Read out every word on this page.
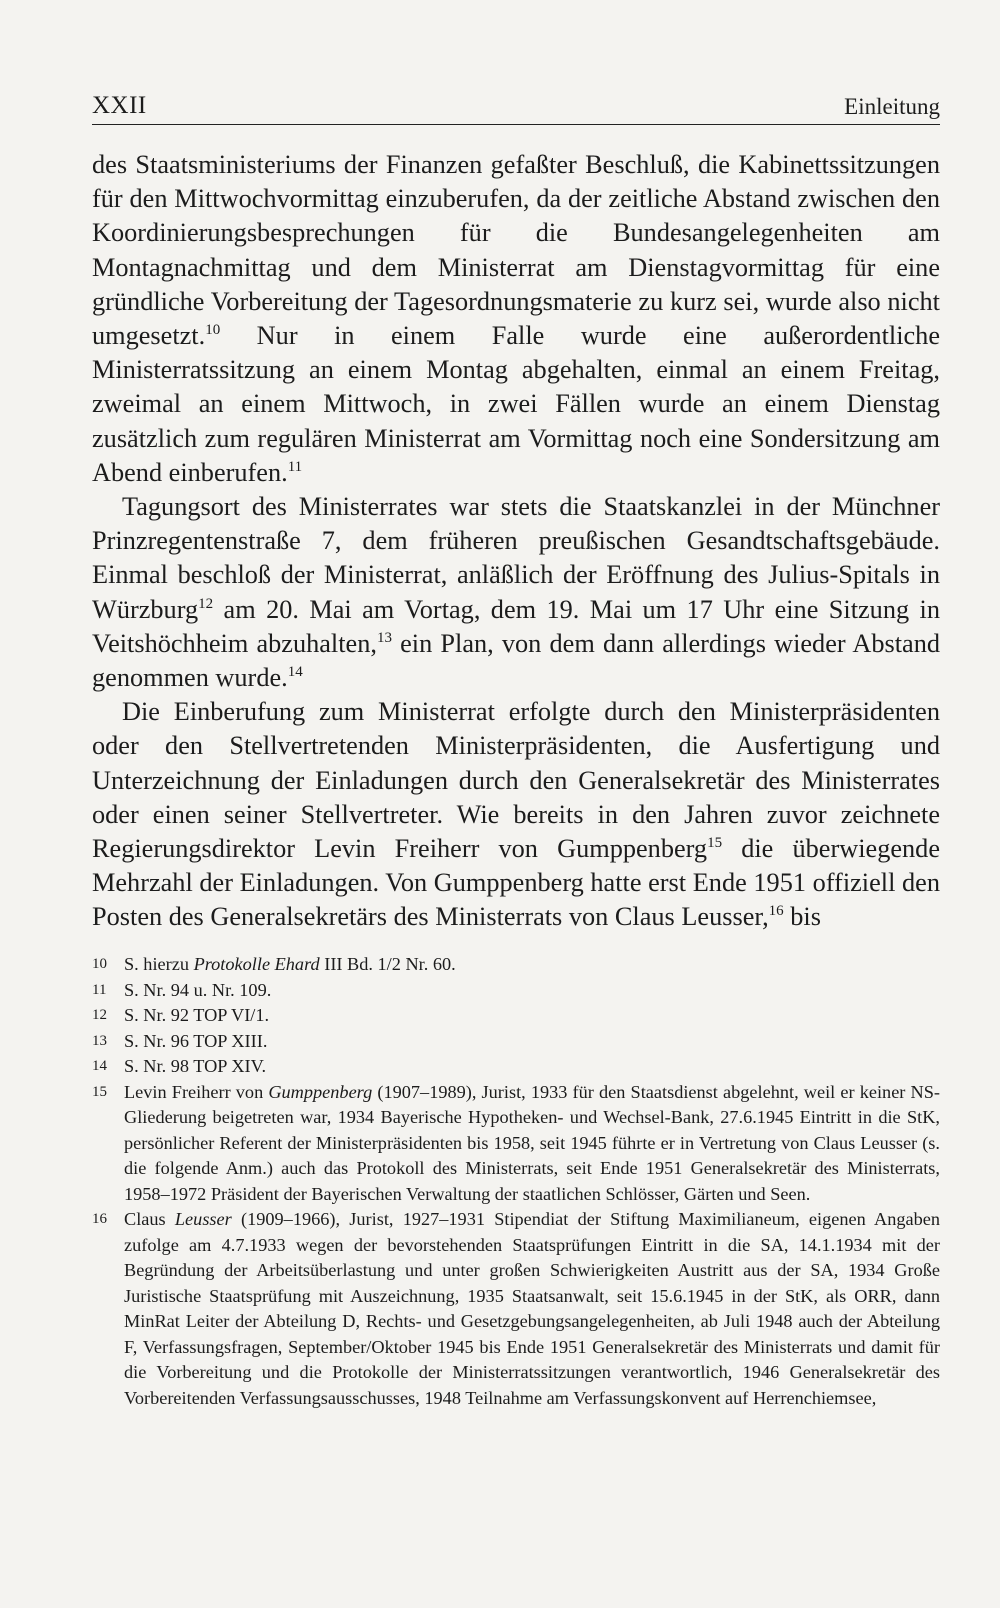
XXII	Einleitung

des Staatsministeriums der Finanzen gefaßter Beschluß, die Kabinettssitzungen für den Mittwochvormittag einzuberufen, da der zeitliche Abstand zwischen den Koordinierungsbesprechungen für die Bundesangelegenheiten am Montagnachmittag und dem Ministerrat am Dienstagvormittag für eine gründliche Vorbereitung der Tagesordnungsmaterie zu kurz sei, wurde also nicht umgesetzt.$^{10}$ Nur in einem Falle wurde eine außerordentliche Ministerratssitzung an einem Montag abgehalten, einmal an einem Freitag, zweimal an einem Mittwoch, in zwei Fällen wurde an einem Dienstag zusätzlich zum regulären Ministerrat am Vormittag noch eine Sondersitzung am Abend einberufen.$^{11}$

Tagungsort des Ministerrates war stets die Staatskanzlei in der Münchner Prinzregentenstraße 7, dem früheren preußischen Gesandtschaftsgebäude. Einmal beschloß der Ministerrat, anläßlich der Eröffnung des Julius-Spitals in Würzburg$^{12}$ am 20. Mai am Vortag, dem 19. Mai um 17 Uhr eine Sitzung in Veitshöchheim abzuhalten,$^{13}$ ein Plan, von dem dann allerdings wieder Abstand genommen wurde.$^{14}$

Die Einberufung zum Ministerrat erfolgte durch den Ministerpräsidenten oder den Stellvertretenden Ministerpräsidenten, die Ausfertigung und Unterzeichnung der Einladungen durch den Generalsekretär des Ministerrates oder einen seiner Stellvertreter. Wie bereits in den Jahren zuvor zeichnete Regierungsdirektor Levin Freiherr von Gumppenberg$^{15}$ die überwiegende Mehrzahl der Einladungen. Von Gumppenberg hatte erst Ende 1951 offiziell den Posten des Generalsekretärs des Ministerrats von Claus Leusser,$^{16}$ bis

10 S. hierzu Protokolle Ehard III Bd. 1/2 Nr. 60.
11 S. Nr. 94 u. Nr. 109.
12 S. Nr. 92 TOP VI/1.
13 S. Nr. 96 TOP XIII.
14 S. Nr. 98 TOP XIV.
15 Levin Freiherr von Gumppenberg (1907–1989), Jurist, 1933 für den Staatsdienst abgelehnt, weil er keiner NS-Gliederung beigetreten war, 1934 Bayerische Hypotheken- und Wechsel-Bank, 27.6.1945 Eintritt in die StK, persönlicher Referent der Ministerpräsidenten bis 1958, seit 1945 führte er in Vertretung von Claus Leusser (s. die folgende Anm.) auch das Protokoll des Ministerrats, seit Ende 1951 Generalsekretär des Ministerrats, 1958–1972 Präsident der Bayerischen Verwaltung der staatlichen Schlösser, Gärten und Seen.
16 Claus Leusser (1909–1966), Jurist, 1927–1931 Stipendiat der Stiftung Maximilianeum, eigenen Angaben zufolge am 4.7.1933 wegen der bevorstehenden Staatsprüfungen Eintritt in die SA, 14.1.1934 mit der Begründung der Arbeitsüberlastung und unter großen Schwierigkeiten Austritt aus der SA, 1934 Große Juristische Staatsprüfung mit Auszeichnung, 1935 Staatsanwalt, seit 15.6.1945 in der StK, als ORR, dann MinRat Leiter der Abteilung D, Rechts- und Gesetzgebungsangelegenheiten, ab Juli 1948 auch der Abteilung F, Verfassungsfragen, September/Oktober 1945 bis Ende 1951 Generalsekretär des Ministerrats und damit für die Vorbereitung und die Protokolle der Ministerratssitzungen verantwortlich, 1946 Generalsekretär des Vorbereitenden Verfassungsausschusses, 1948 Teilnahme am Verfassungskonvent auf Herrenchiemsee,
